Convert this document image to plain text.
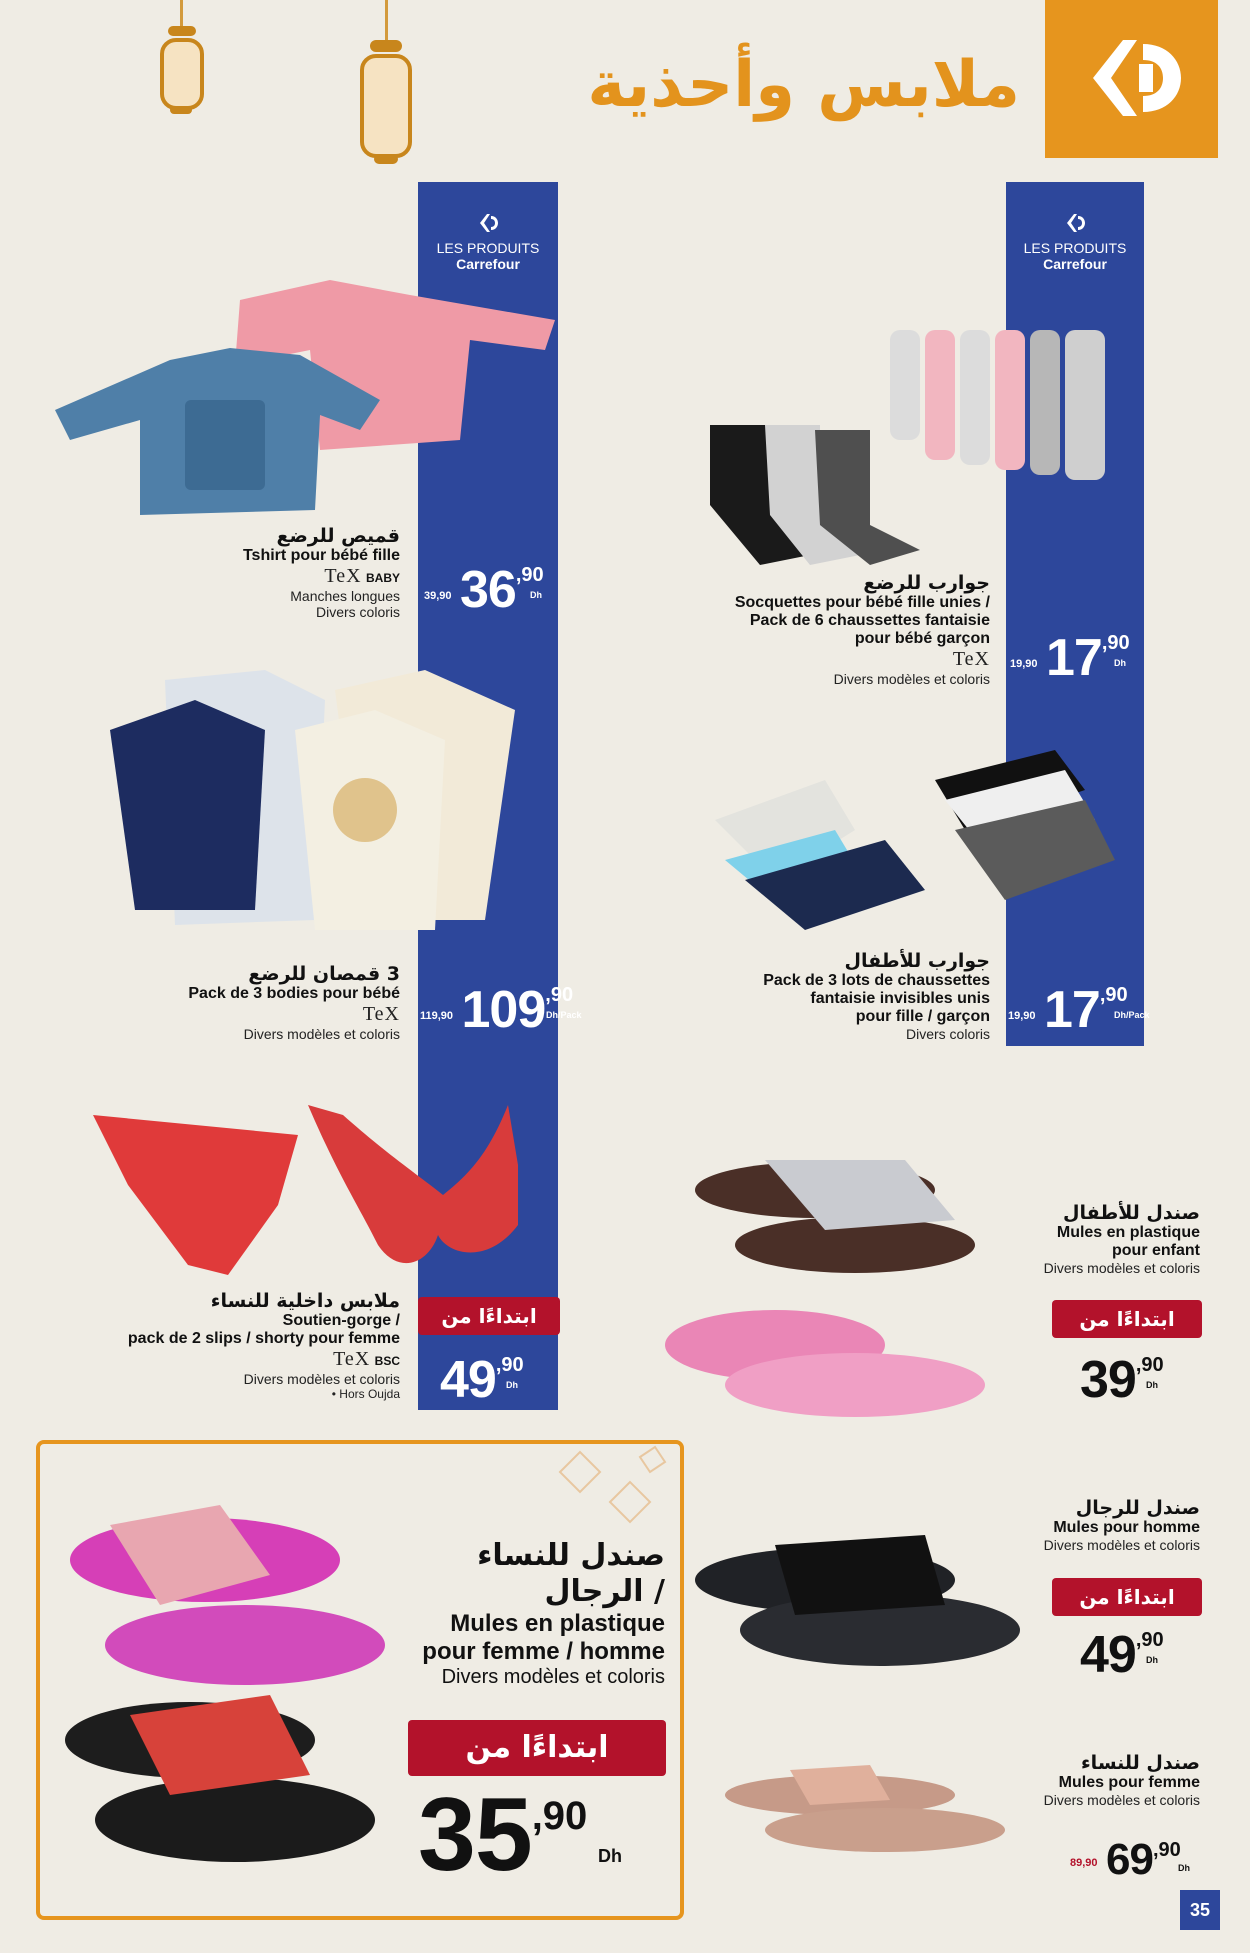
ملابس وأحذية
LES PRODUITS
Carrefour
LES PRODUITS
Carrefour
قميص للرضع
Tshirt pour bébé fille
TeX BABY
Manches longues
Divers coloris
$^{39,90}$ 36,90
Dh
3 قمصان للرضع
Pack de 3 bodies pour bébé
TeX
Divers modèles et coloris
$^{119,90}$ 109,90
Dh/Pack
ملابس داخلية للنساء
Soutien-gorge /
pack de 2 slips / shorty pour femme
TeX BSC
Divers modèles et coloris
• Hors Oujda
ابتداءًا من
49,90
Dh
جوارب للرضع
Socquettes pour bébé fille unies /
Pack de 6 chaussettes fantaisie
pour bébé garçon
TeX
Divers modèles et coloris
$^{19,90}$ 17,90
Dh
جوارب للأطفال
Pack de 3 lots de chaussettes
fantaisie invisibles unis
pour fille / garçon
Divers coloris
$^{19,90}$ 17,90
Dh/Pack
صندل للأطفال
Mules en plastique
pour enfant
Divers modèles et coloris
ابتداءًا من
39,90
Dh
صندل للرجال
Mules pour homme
Divers modèles et coloris
ابتداءًا من
49,90
Dh
صندل للنساء
Mules pour femme
Divers modèles et coloris
$^{89,90}$ 69,90
Dh
صندل للنساء
/ الرجال
Mules en plastique
pour femme / homme
Divers modèles et coloris
ابتداءًا من
35,90
Dh
35
